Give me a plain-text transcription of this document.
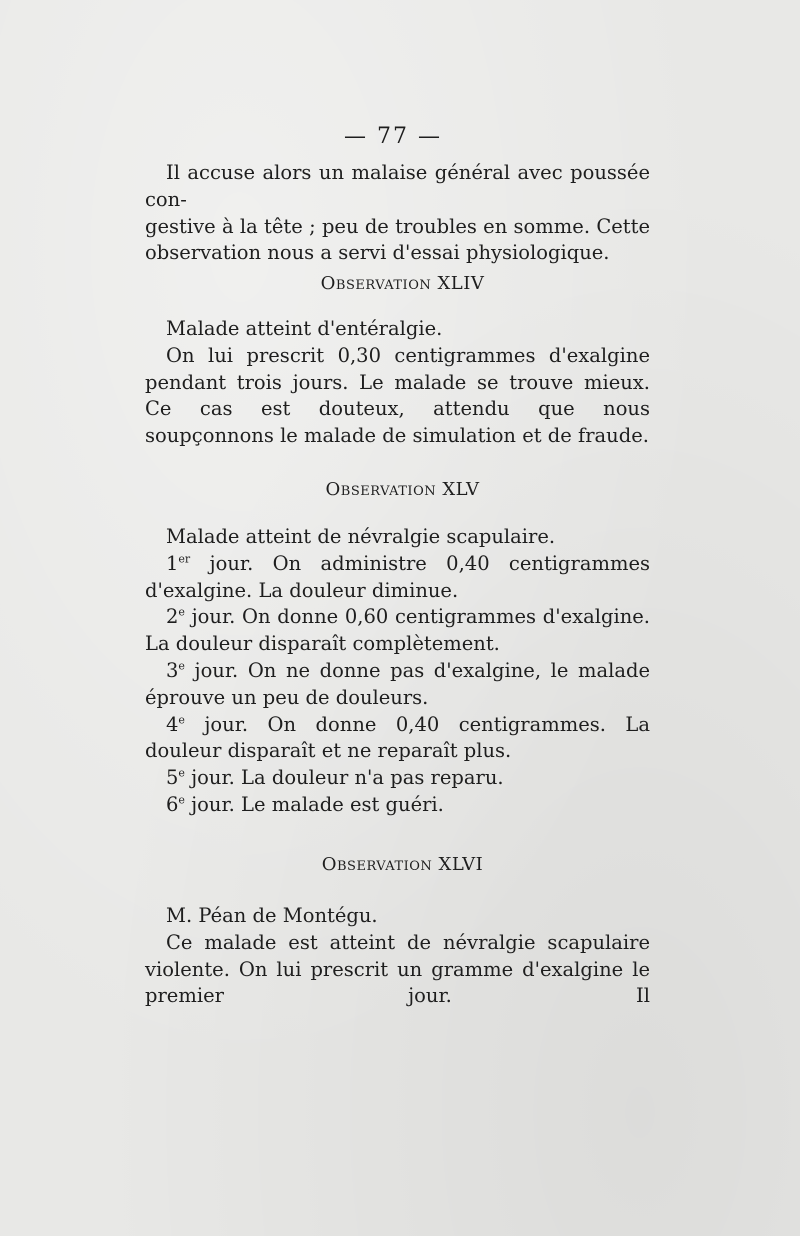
— 77 —

Il accuse alors un malaise général avec poussée con-

gestive à la tête ; peu de troubles en somme. Cette

observation nous a servi d'essai physiologique.

Observation XLIV

Malade atteint d'entéralgie.

On lui prescrit 0,30 centigrammes d'exalgine pendant trois jours. Le malade se trouve mieux. Ce cas est douteux, attendu que nous soupçonnons le malade de simulation et de fraude.

Observation XLV

Malade atteint de névralgie scapulaire.

1er jour. On administre 0,40 centigrammes d'exalgine. La douleur diminue.

2e jour. On donne 0,60 centigrammes d'exalgine. La douleur disparaît complètement.

3e jour. On ne donne pas d'exalgine, le malade éprouve un peu de douleurs.

4e jour. On donne 0,40 centigrammes. La douleur disparaît et ne reparaît plus.

5e jour. La douleur n'a pas reparu.

6e jour. Le malade est guéri.

Observation XLVI

M. Péan de Montégu.

Ce malade est atteint de névralgie scapulaire violente. On lui prescrit un gramme d'exalgine le premier jour. Il
